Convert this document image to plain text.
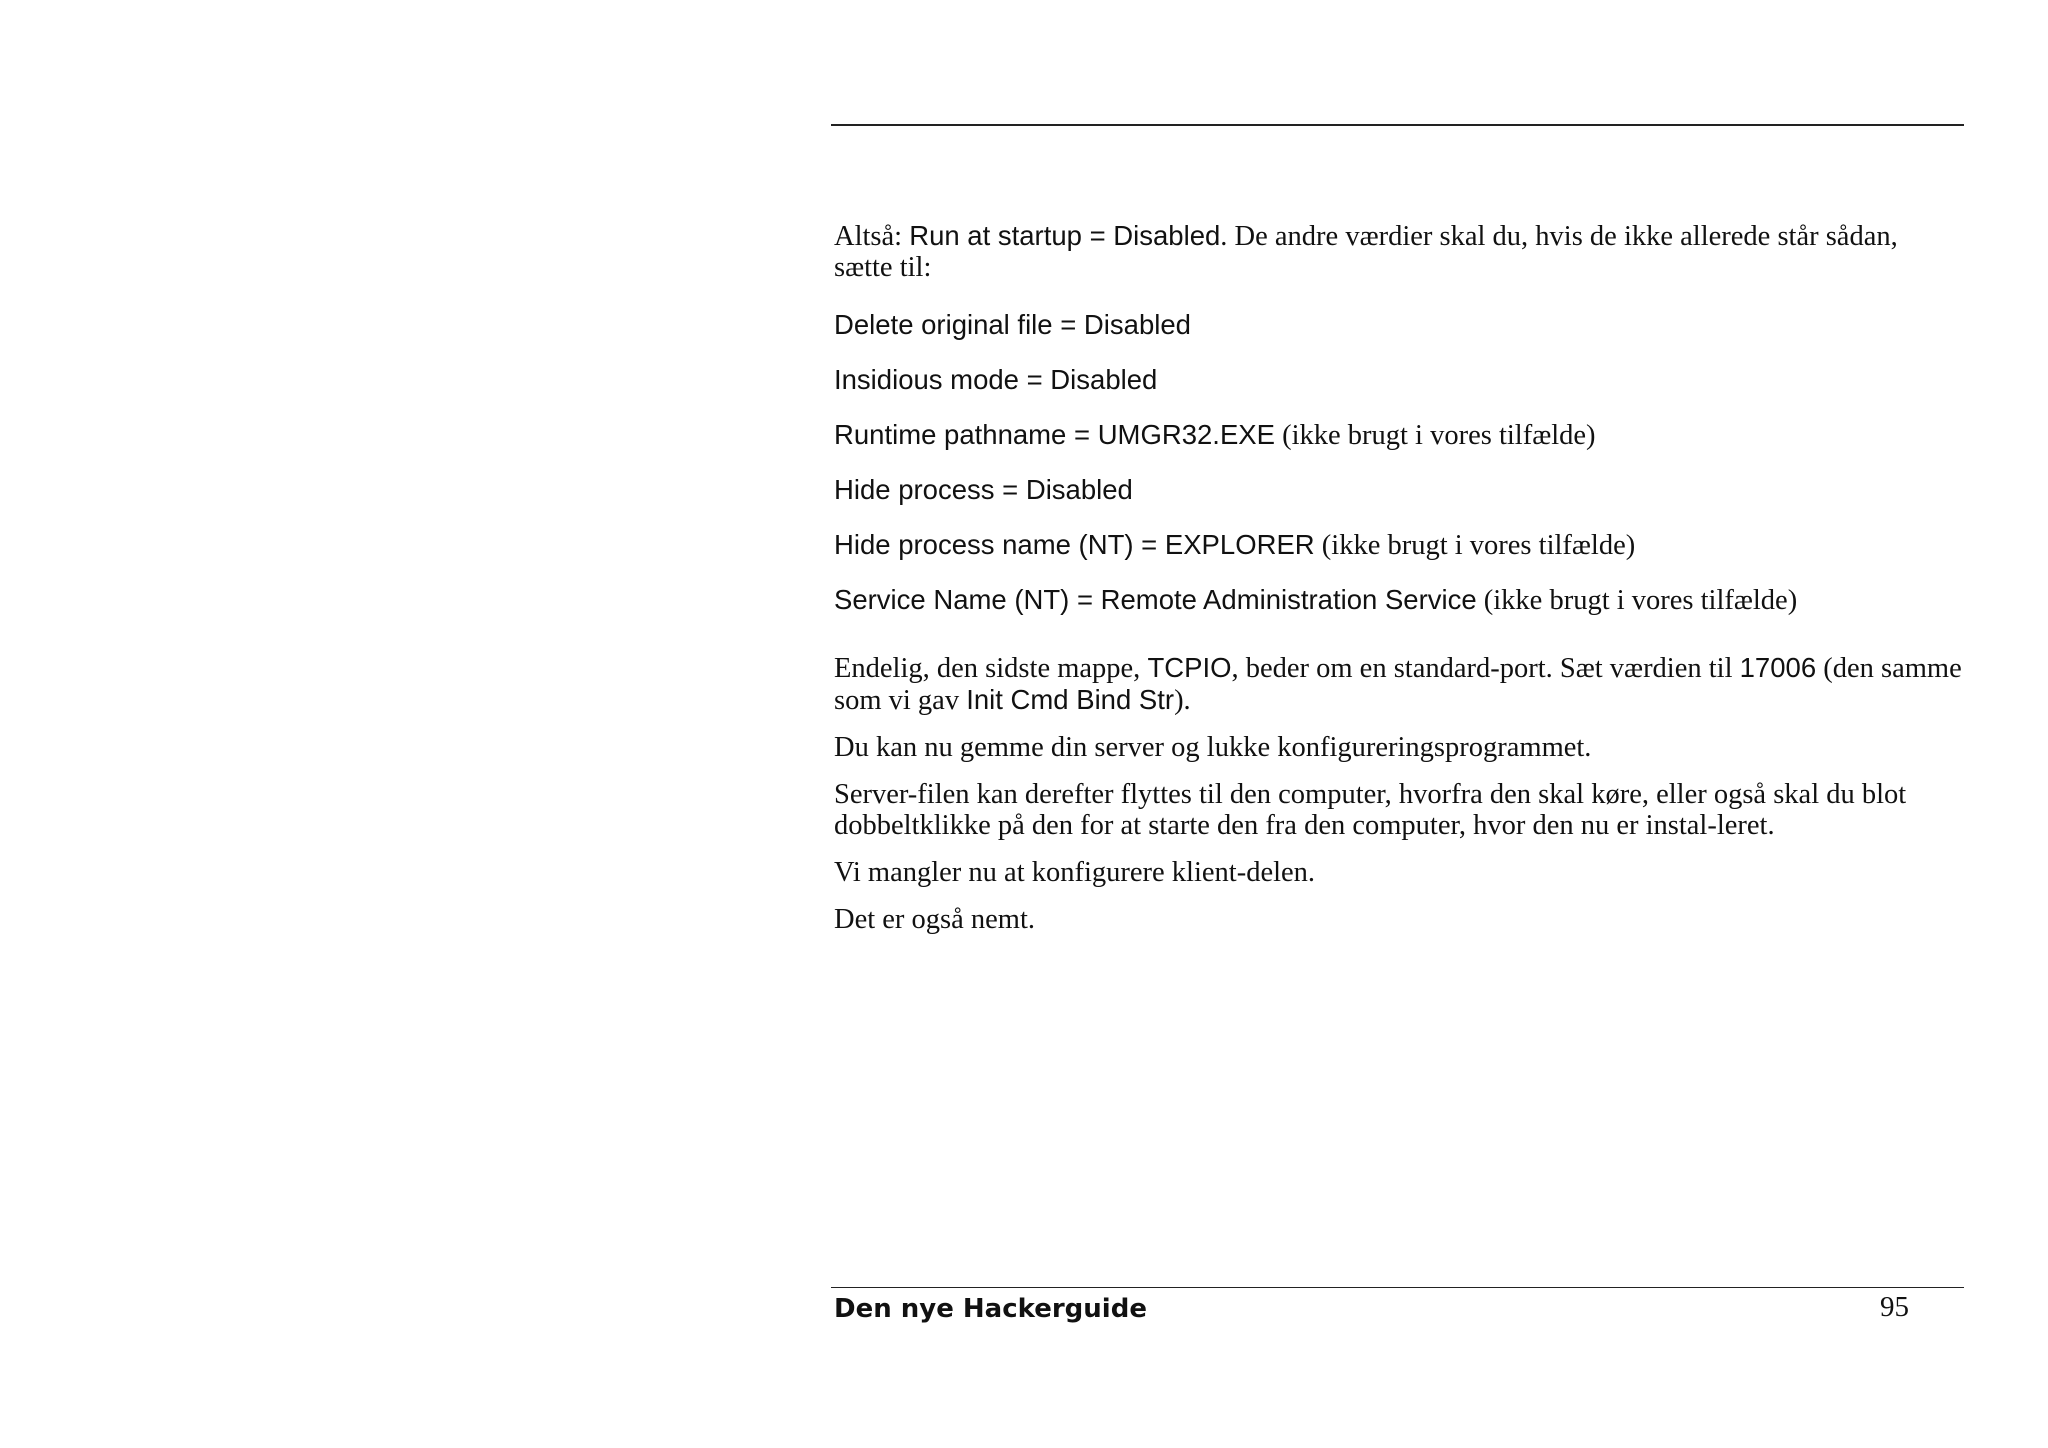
Altså: Run at startup = Disabled. De andre værdier skal du, hvis de ikke allerede står sådan, sætte til:

Delete original file = Disabled

Insidious mode = Disabled

Runtime pathname = UMGR32.EXE (ikke brugt i vores tilfælde)

Hide process = Disabled

Hide process name (NT) = EXPLORER (ikke brugt i vores tilfælde)

Service Name (NT) = Remote Administration Service (ikke brugt i vores tilfælde)

Endelig, den sidste mappe, TCPIO, beder om en standard-port. Sæt værdien til 17006 (den samme som vi gav Init Cmd Bind Str).

Du kan nu gemme din server og lukke konfigureringsprogrammet.

Server-filen kan derefter flyttes til den computer, hvorfra den skal køre, eller også skal du blot dobbeltklikke på den for at starte den fra den computer, hvor den nu er instal-leret.

Vi mangler nu at konfigurere klient-delen.

Det er også nemt.

Den nye Hackerguide	95
